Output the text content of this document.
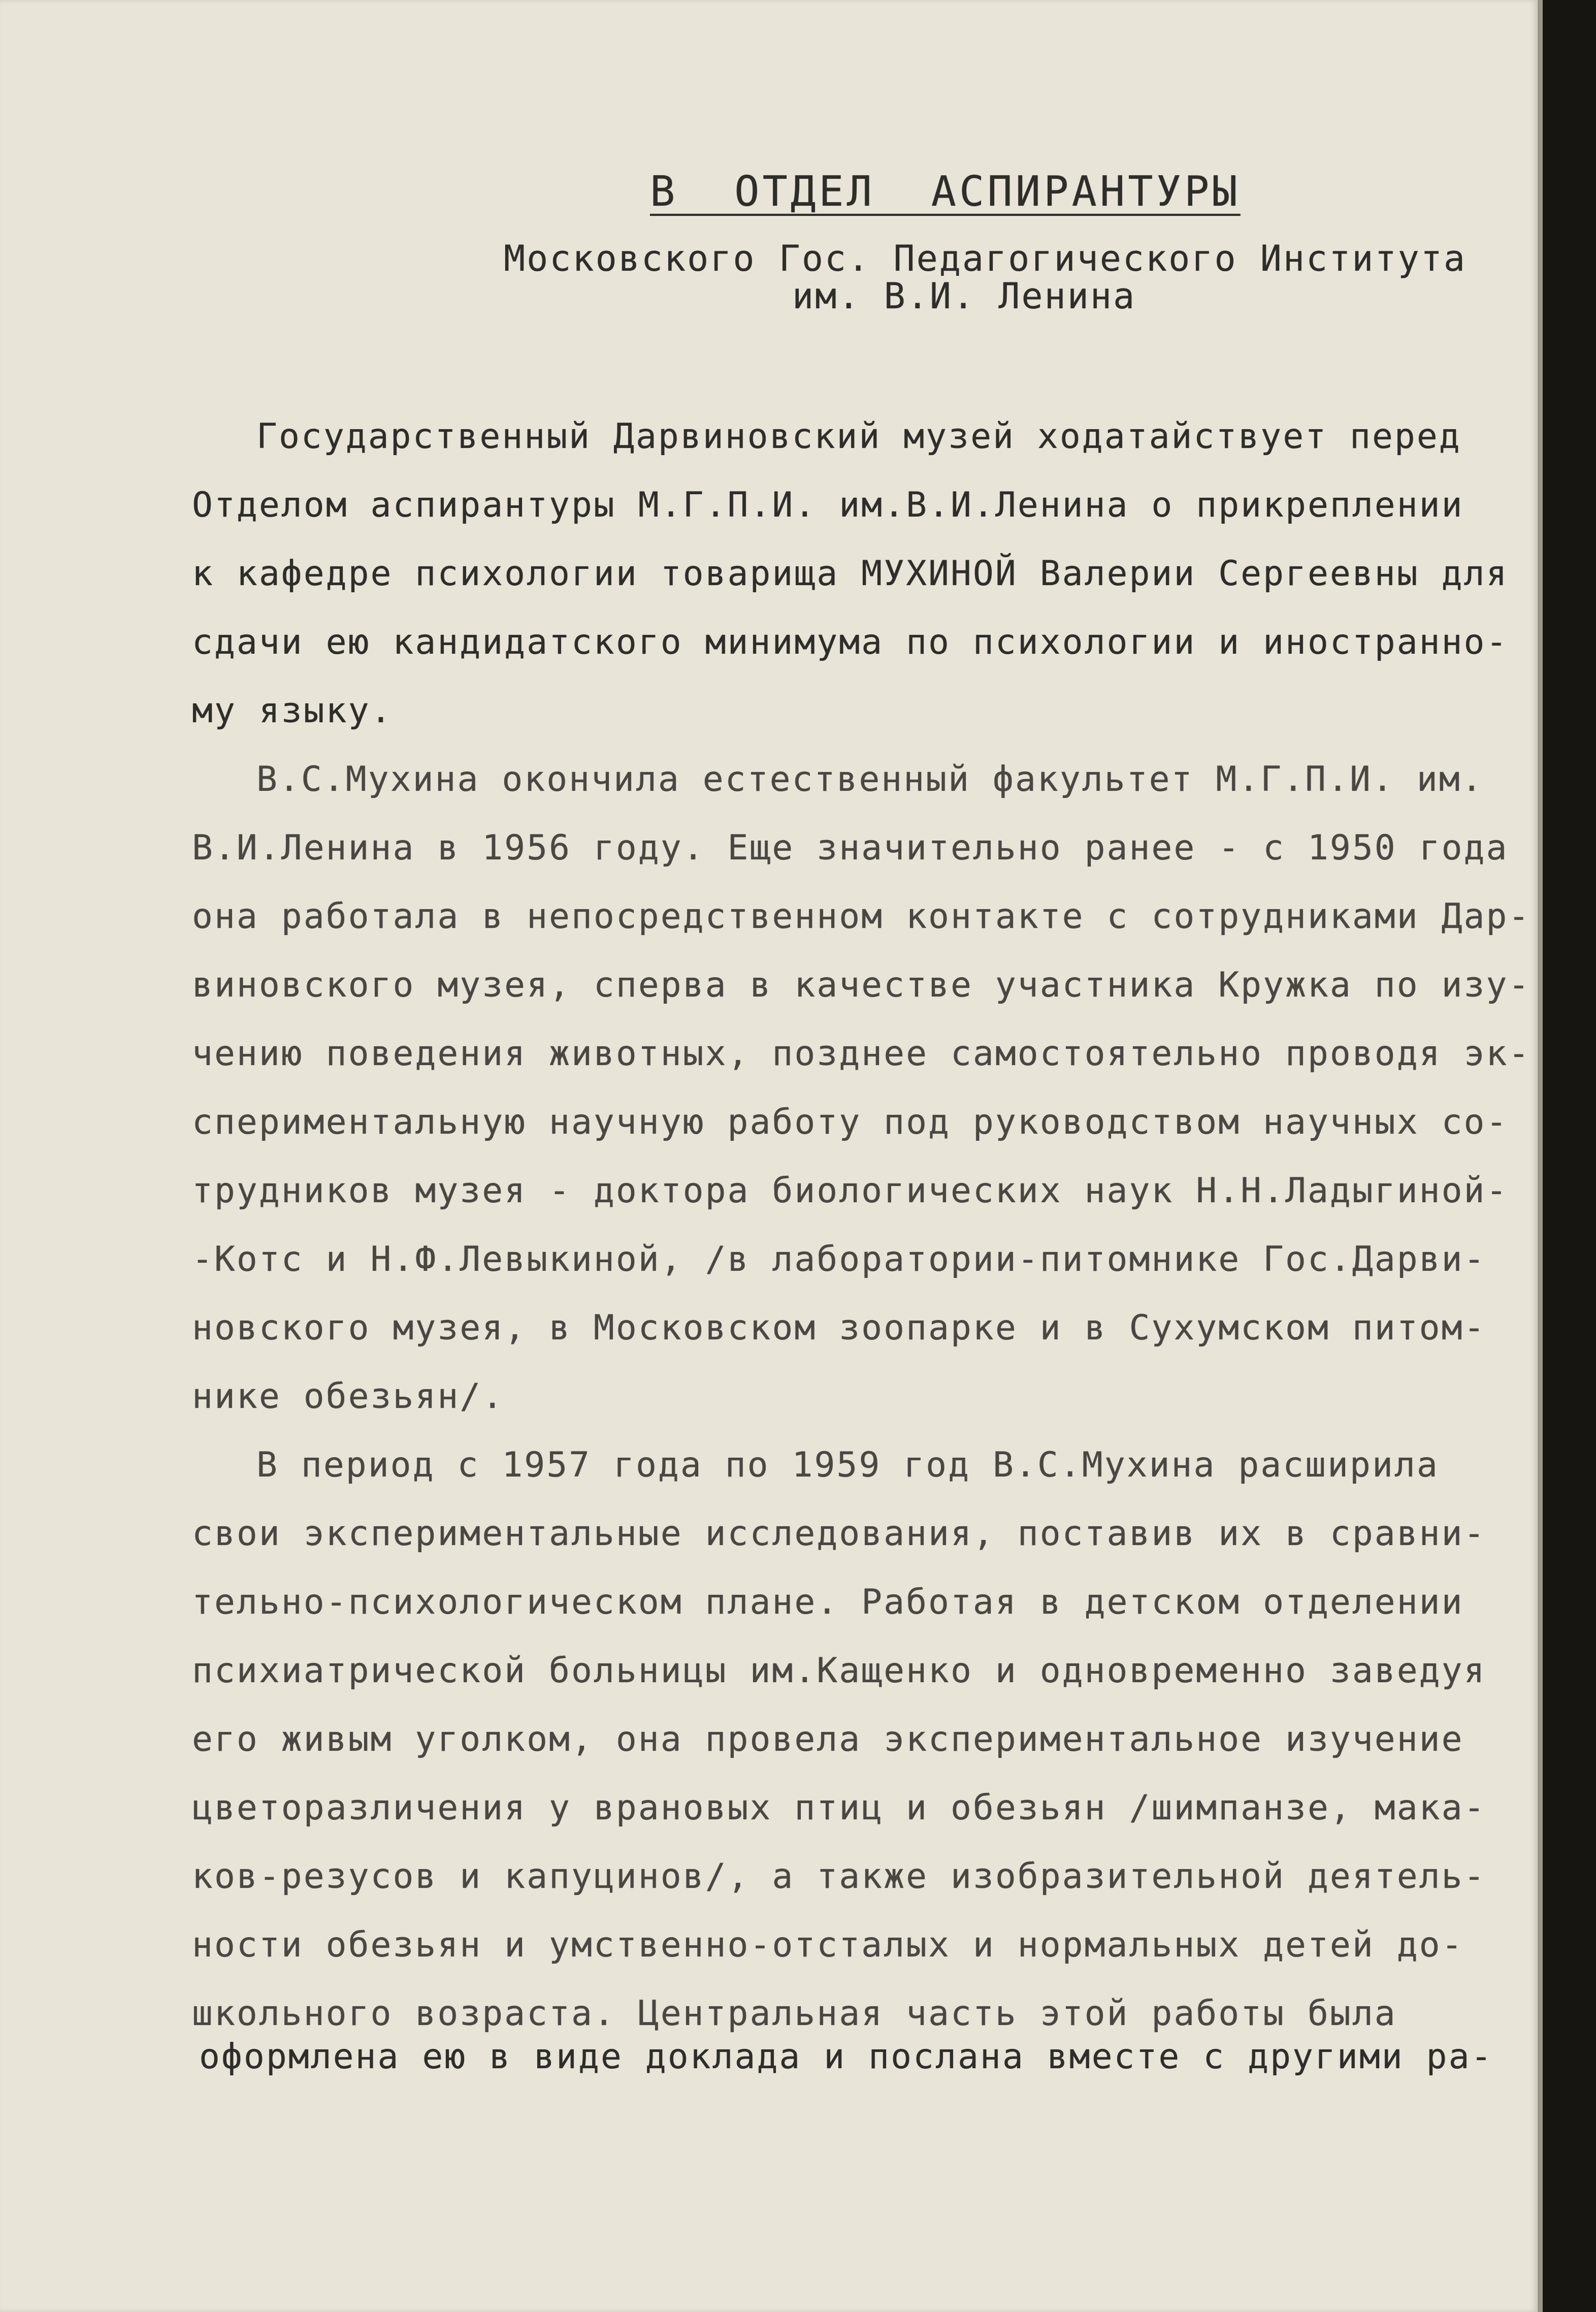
В  ОТДЕЛ  АСПИРАНТУРЫ
Московского Гос. Педагогического Института
им. В.И. Ленина
Государственный Дарвиновский музей ходатайствует перед
Отделом аспирантуры М.Г.П.И. им.В.И.Ленина о прикреплении
к кафедре психологии товарища МУХИНОЙ Валерии Сергеевны для
сдачи ею кандидатского минимума по психологии и иностранно-
му языку.
В.С.Мухина окончила естественный факультет М.Г.П.И. им.
В.И.Ленина в 1956 году. Еще значительно ранее - с 1950 года
она работала в непосредственном контакте с сотрудниками Дар-
виновского музея, сперва в качестве участника Кружка по изу-
чению поведения животных, позднее самостоятельно проводя эк-
спериментальную научную работу под руководством научных со-
трудников музея - доктора биологических наук Н.Н.Ладыгиной-
-Котс и Н.Ф.Левыкиной, /в лаборатории-питомнике Гос.Дарви-
новского музея, в Московском зоопарке и в Сухумском питом-
нике обезьян/.
В период с 1957 года по 1959 год В.С.Мухина расширила
свои экспериментальные исследования, поставив их в сравни-
тельно-психологическом плане. Работая в детском отделении
психиатрической больницы им.Кащенко и одновременно заведуя
его живым уголком, она провела экспериментальное изучение
цветоразличения у врановых птиц и обезьян /шимпанзе, мака-
ков-резусов и капуцинов/, а также изобразительной деятель-
ности обезьян и умственно-отсталых и нормальных детей до-
школьного возраста. Центральная часть этой работы была
оформлена ею в виде доклада и послана вместе с другими ра-
